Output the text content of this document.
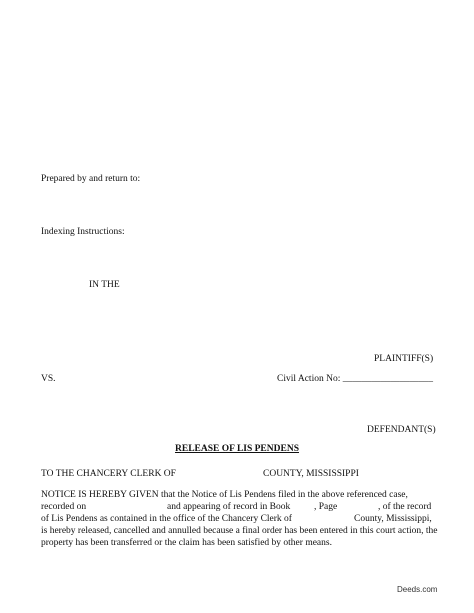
Prepared by and return to:
Indexing Instructions:
IN THE
PLAINTIFF(S)
VS.	Civil Action No: ___________________
DEFENDANT(S)
RELEASE OF LIS PENDENS
TO THE CHANCERY CLERK OF	COUNTY, MISSISSIPPI
NOTICE IS HEREBY GIVEN that the Notice of Lis Pendens filed in the above referenced case,
recorded on	and appearing of record in Book	, Page	, of the record
of Lis Pendens as contained in the office of the Chancery Clerk of	County, Mississippi,
is hereby released, cancelled and annulled because a final order has been entered in this court action, the
property has been transferred or the claim has been satisfied by other means.
Deeds.com
